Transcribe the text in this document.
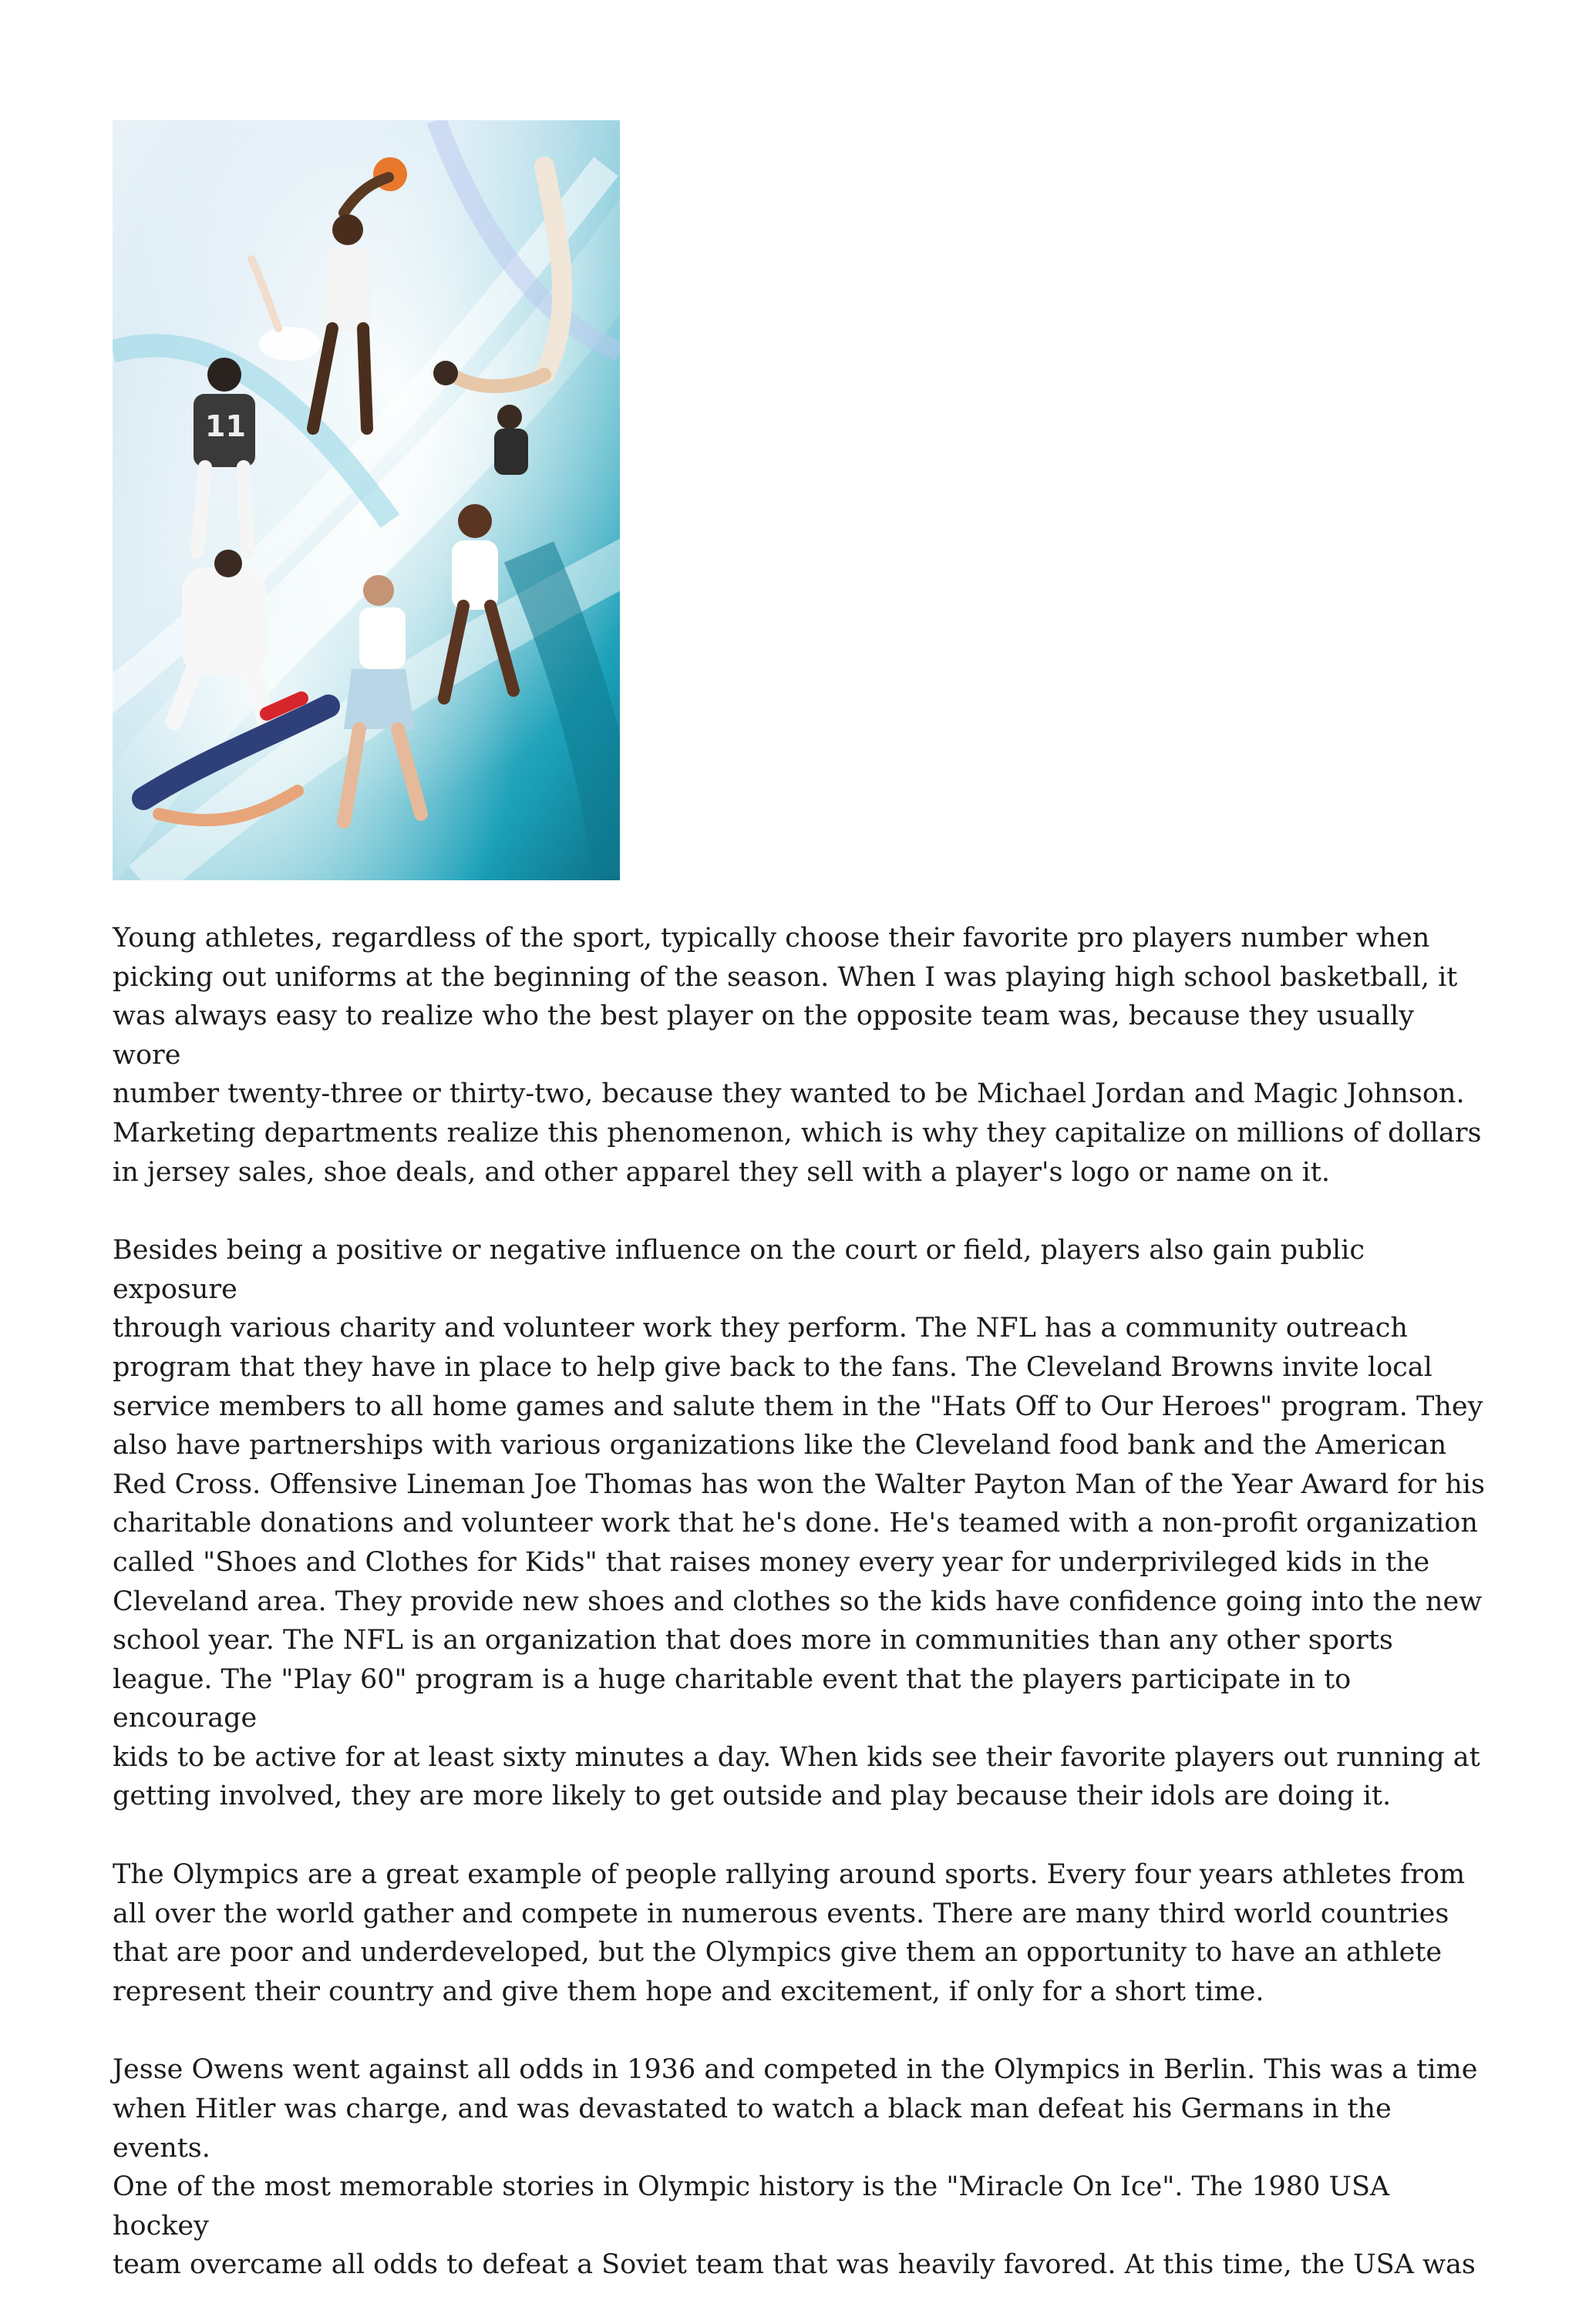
11

Young athletes, regardless of the sport, typically choose their favorite pro players number when
picking out uniforms at the beginning of the season. When I was playing high school basketball, it
was always easy to realize who the best player on the opposite team was, because they usually wore
number twenty-three or thirty-two, because they wanted to be Michael Jordan and Magic Johnson.
Marketing departments realize this phenomenon, which is why they capitalize on millions of dollars
in jersey sales, shoe deals, and other apparel they sell with a player's logo or name on it.

Besides being a positive or negative influence on the court or field, players also gain public exposure
through various charity and volunteer work they perform. The NFL has a community outreach
program that they have in place to help give back to the fans. The Cleveland Browns invite local
service members to all home games and salute them in the "Hats Off to Our Heroes" program. They
also have partnerships with various organizations like the Cleveland food bank and the American
Red Cross. Offensive Lineman Joe Thomas has won the Walter Payton Man of the Year Award for his
charitable donations and volunteer work that he's done. He's teamed with a non-profit organization
called "Shoes and Clothes for Kids" that raises money every year for underprivileged kids in the
Cleveland area. They provide new shoes and clothes so the kids have confidence going into the new
school year. The NFL is an organization that does more in communities than any other sports
league. The "Play 60" program is a huge charitable event that the players participate in to encourage
kids to be active for at least sixty minutes a day. When kids see their favorite players out running at
getting involved, they are more likely to get outside and play because their idols are doing it.

The Olympics are a great example of people rallying around sports. Every four years athletes from
all over the world gather and compete in numerous events. There are many third world countries
that are poor and underdeveloped, but the Olympics give them an opportunity to have an athlete
represent their country and give them hope and excitement, if only for a short time.

Jesse Owens went against all odds in 1936 and competed in the Olympics in Berlin. This was a time
when Hitler was charge, and was devastated to watch a black man defeat his Germans in the events.
One of the most memorable stories in Olympic history is the "Miracle On Ice". The 1980 USA hockey
team overcame all odds to defeat a Soviet team that was heavily favored. At this time, the USA was
